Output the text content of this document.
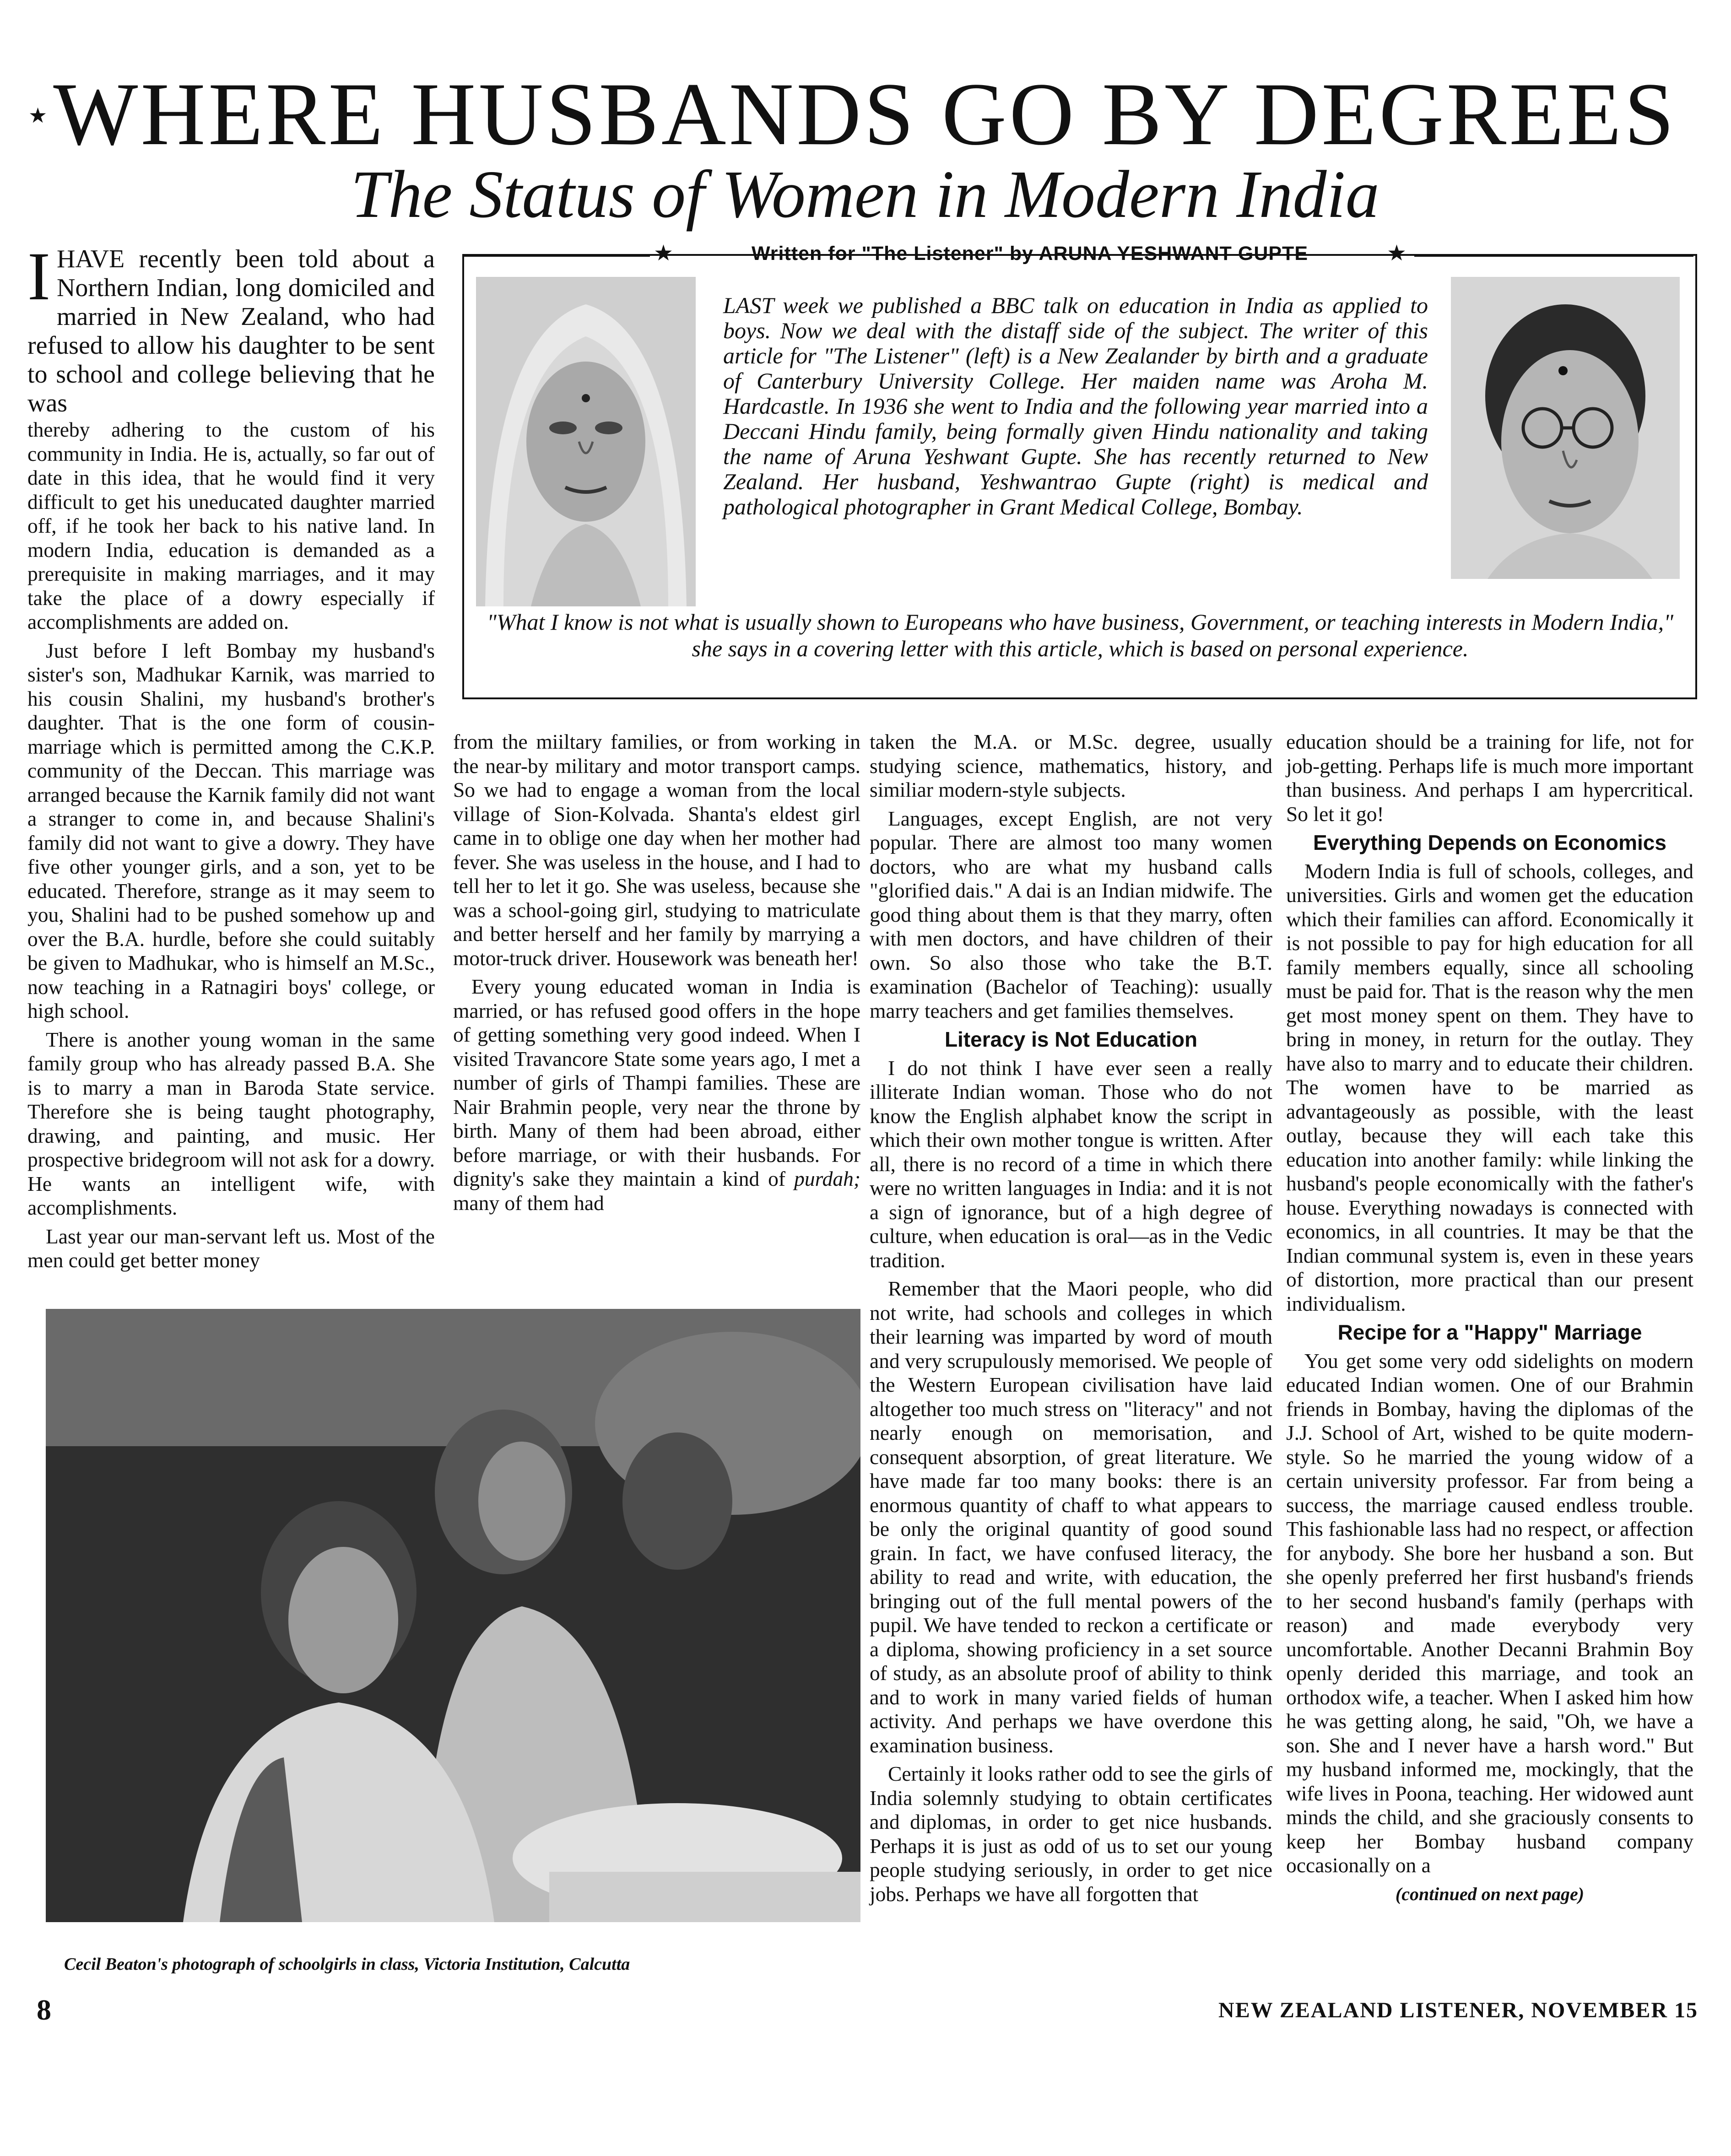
★ WHERE HUSBANDS GO BY DEGREES
The Status of Women in Modern India
★	Written for "The Listener" by ARUNA YESHWANT GUPTE	★
LAST week we published a BBC talk on education in India as applied to boys. Now we deal with the distaff side of the subject. The writer of this article for "The Listener" (left) is a New Zealander by birth and a graduate of Canterbury University College. Her maiden name was Aroha M. Hardcastle. In 1936 she went to India and the following year married into a Deccani Hindu family, being formally given Hindu nationality and taking the name of Aruna Yeshwant Gupte. She has recently returned to New Zealand. Her husband, Yeshwantrao Gupte (right) is medical and pathological photographer in Grant Medical College, Bombay.
"What I know is not what is usually shown to Europeans who have business, Government, or teaching interests in Modern India," she says in a covering letter with this article, which is based on personal experience.
IHAVE recently been told about a Northern Indian, long domiciled and married in New Zealand, who had refused to allow his daughter to be sent to school and college believing that he was

thereby adhering to the custom of his community in India. He is, actually, so far out of date in this idea, that he would find it very difficult to get his uneducated daughter married off, if he took her back to his native land. In modern India, education is demanded as a prerequisite in making marriages, and it may take the place of a dowry especially if accomplishments are added on.

Just before I left Bombay my husband's sister's son, Madhukar Karnik, was married to his cousin Shalini, my husband's brother's daughter. That is the one form of cousin-marriage which is permitted among the C.K.P. community of the Deccan. This marriage was arranged because the Karnik family did not want a stranger to come in, and because Shalini's family did not want to give a dowry. They have five other younger girls, and a son, yet to be educated. Therefore, strange as it may seem to you, Shalini had to be pushed somehow up and over the B.A. hurdle, before she could suitably be given to Madhukar, who is himself an M.Sc., now teaching in a Ratnagiri boys' college, or high school.

There is another young woman in the same family group who has already passed B.A. She is to marry a man in Baroda State service. Therefore she is being taught photography, drawing, and painting, and music. Her prospective bridegroom will not ask for a dowry. He wants an intelligent wife, with accomplishments.

Last year our man-servant left us. Most of the men could get better money

from the miiltary families, or from working in the near-by military and motor transport camps. So we had to engage a woman from the local village of Sion-Kolvada. Shanta's eldest girl came in to oblige one day when her mother had fever. She was useless in the house, and I had to tell her to let it go. She was useless, because she was a school-going girl, studying to matriculate and better herself and her family by marrying a motor-truck driver. Housework was beneath her!

Every young educated woman in India is married, or has refused good offers in the hope of getting something very good indeed. When I visited Travancore State some years ago, I met a number of girls of Thampi families. These are Nair Brahmin people, very near the throne by birth. Many of them had been abroad, either before marriage, or with their husbands. For dignity's sake they maintain a kind of purdah; many of them had

Cecil Beaton's photograph of schoolgirls in class, Victoria Institution, Calcutta

taken the M.A. or M.Sc. degree, usually studying science, mathematics, history, and similiar modern-style subjects.

Languages, except English, are not very popular. There are almost too many women doctors, who are what my husband calls "glorified dais." A dai is an Indian midwife. The good thing about them is that they marry, often with men doctors, and have children of their own. So also those who take the B.T. examination (Bachelor of Teaching): usually marry teachers and get families themselves.

Literacy is Not Education

I do not think I have ever seen a really illiterate Indian woman. Those who do not know the English alphabet know the script in which their own mother tongue is written. After all, there is no record of a time in which there were no written languages in India: and it is not a sign of ignorance, but of a high degree of culture, when education is oral—as in the Vedic tradition.

Remember that the Maori people, who did not write, had schools and colleges in which their learning was imparted by word of mouth and very scrupulously memorised. We people of the Western European civilisation have laid altogether too much stress on "literacy" and not nearly enough on memorisation, and consequent absorption, of great literature. We have made far too many books: there is an enormous quantity of chaff to what appears to be only the original quantity of good sound grain. In fact, we have confused literacy, the ability to read and write, with education, the bringing out of the full mental powers of the pupil. We have tended to reckon a certificate or a diploma, showing proficiency in a set source of study, as an absolute proof of ability to think and to work in many varied fields of human activity. And perhaps we have overdone this examination business.

Certainly it looks rather odd to see the girls of India solemnly studying to obtain certificates and diplomas, in order to get nice husbands. Perhaps it is just as odd of us to set our young people studying seriously, in order to get nice jobs. Perhaps we have all forgotten that

education should be a training for life, not for job-getting. Perhaps life is much more important than business. And perhaps I am hypercritical. So let it go!

Everything Depends on Economics

Modern India is full of schools, colleges, and universities. Girls and women get the education which their families can afford. Economically it is not possible to pay for high education for all family members equally, since all schooling must be paid for. That is the reason why the men get most money spent on them. They have to bring in money, in return for the outlay. They have also to marry and to educate their children. The women have to be married as advantageously as possible, with the least outlay, because they will each take this education into another family: while linking the husband's people economically with the father's house. Everything nowadays is connected with economics, in all countries. It may be that the Indian communal system is, even in these years of distortion, more practical than our present individualism.

Recipe for a "Happy" Marriage

You get some very odd sidelights on modern educated Indian women. One of our Brahmin friends in Bombay, having the diplomas of the J.J. School of Art, wished to be quite modern-style. So he married the young widow of a certain university professor. Far from being a success, the marriage caused endless trouble. This fashionable lass had no respect, or affection for anybody. She bore her husband a son. But she openly preferred her first husband's friends to her second husband's family (perhaps with reason) and made everybody very uncomfortable. Another Decanni Brahmin Boy openly derided this marriage, and took an orthodox wife, a teacher. When I asked him how he was getting along, he said, "Oh, we have a son. She and I never have a harsh word." But my husband informed me, mockingly, that the wife lives in Poona, teaching. Her widowed aunt minds the child, and she graciously consents to keep her Bombay husband company occasionally on a

(continued on next page)
8	NEW ZEALAND LISTENER, NOVEMBER 15
